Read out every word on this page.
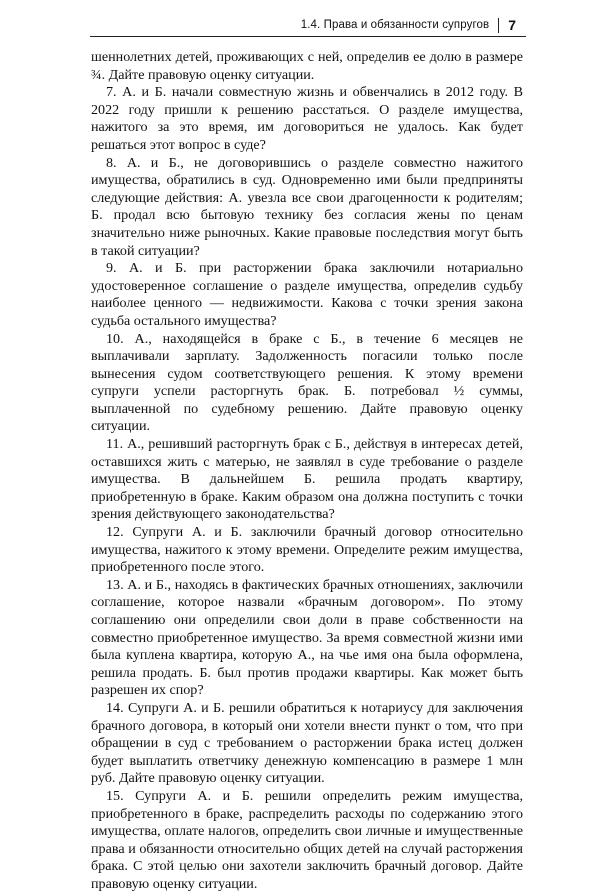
1.4. Права и обязанности супругов 7

шеннолетних детей, проживающих с ней, определив ее долю в размере ¾. Дайте правовую оценку ситуации.

7. А. и Б. начали совместную жизнь и обвенчались в 2012 году. В 2022 году пришли к решению расстаться. О разделе имущества, нажитого за это время, им договориться не удалось. Как будет решаться этот вопрос в суде?

8. А. и Б., не договорившись о разделе совместно нажитого имущества, обратились в суд. Одновременно ими были предприняты следующие действия: А. увезла все свои драгоценности к родителям; Б. продал всю бытовую технику без согласия жены по ценам значительно ниже рыночных. Какие правовые последствия могут быть в такой ситуации?

9. А. и Б. при расторжении брака заключили нотариально удостоверенное соглашение о разделе имущества, определив судьбу наиболее ценного — недвижимости. Какова с точки зрения закона судьба остального имущества?

10. А., находящейся в браке с Б., в течение 6 месяцев не выплачивали зарплату. Задолженность погасили только после вынесения судом соответствующего решения. К этому времени супруги успели расторгнуть брак. Б. потребовал ½ суммы, выплаченной по судебному решению. Дайте правовую оценку ситуации.

11. А., решивший расторгнуть брак с Б., действуя в интересах детей, оставшихся жить с матерью, не заявлял в суде требование о разделе имущества. В дальнейшем Б. решила продать квартиру, приобретенную в браке. Каким образом она должна поступить с точки зрения действующего законодательства?

12. Супруги А. и Б. заключили брачный договор относительно имущества, нажитого к этому времени. Определите режим имущества, приобретенного после этого.

13. А. и Б., находясь в фактических брачных отношениях, заключили соглашение, которое назвали «брачным договором». По этому соглашению они определили свои доли в праве собственности на совместно приобретенное имущество. За время совместной жизни ими была куплена квартира, которую А., на чье имя она была оформлена, решила продать. Б. был против продажи квартиры. Как может быть разрешен их спор?

14. Супруги А. и Б. решили обратиться к нотариусу для заключения брачного договора, в который они хотели внести пункт о том, что при обращении в суд с требованием о расторжении брака истец должен будет выплатить ответчику денежную компенсацию в размере 1 млн руб. Дайте правовую оценку ситуации.

15. Супруги А. и Б. решили определить режим имущества, приобретенного в браке, распределить расходы по содержанию этого имущества, оплате налогов, определить свои личные и имущественные права и обязанности относительно общих детей на случай расторжения брака. С этой целью они захотели заключить брачный договор. Дайте правовую оценку ситуации.
